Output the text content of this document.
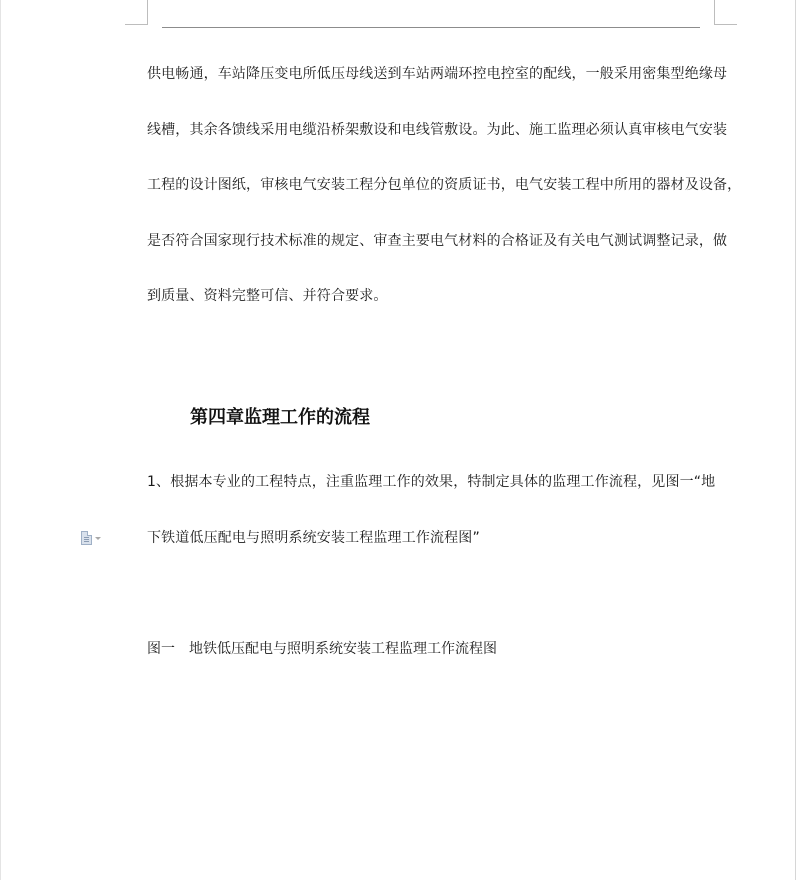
供电畅通，车站降压变电所低压母线送到车站两端环控电控室的配线，一般采用密集型绝缘母
线槽，其余各馈线采用电缆沿桥架敷设和电线管敷设。为此、施工监理必须认真审核电气安装
工程的设计图纸，审核电气安装工程分包单位的资质证书，电气安装工程中所用的器材及设备，
是否符合国家现行技术标准的规定、审查主要电气材料的合格证及有关电气测试调整记录，做
到质量、资料完整可信、并符合要求。
第四章监理工作的流程
1、根据本专业的工程特点，注重监理工作的效果，特制定具体的监理工作流程，见图一“地
下铁道低压配电与照明系统安装工程监理工作流程图”

图一 地铁低压配电与照明系统安装工程监理工作流程图
